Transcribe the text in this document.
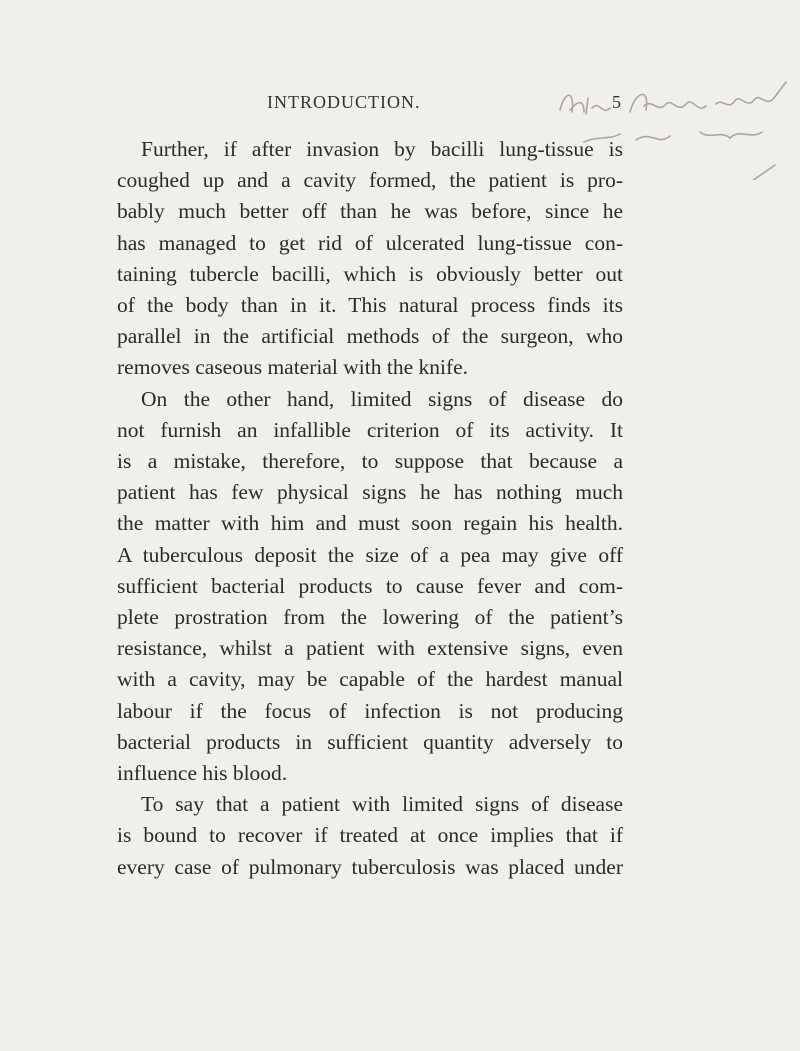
INTRODUCTION.	5
Further, if after invasion by bacilli lung-tissue is
coughed up and a cavity formed, the patient is pro-
bably much better off than he was before, since he
has managed to get rid of ulcerated lung-tissue con-
taining tubercle bacilli, which is obviously better out
of the body than in it. This natural process finds its
parallel in the artificial methods of the surgeon, who
removes caseous material with the knife.
On the other hand, limited signs of disease do
not furnish an infallible criterion of its activity. It
is a mistake, therefore, to suppose that because a
patient has few physical signs he has nothing much
the matter with him and must soon regain his health.
A tuberculous deposit the size of a pea may give off
sufficient bacterial products to cause fever and com-
plete prostration from the lowering of the patient’s
resistance, whilst a patient with extensive signs, even
with a cavity, may be capable of the hardest manual
labour if the focus of infection is not producing
bacterial products in sufficient quantity adversely to
influence his blood.
To say that a patient with limited signs of disease
is bound to recover if treated at once implies that if
every case of pulmonary tuberculosis was placed under
